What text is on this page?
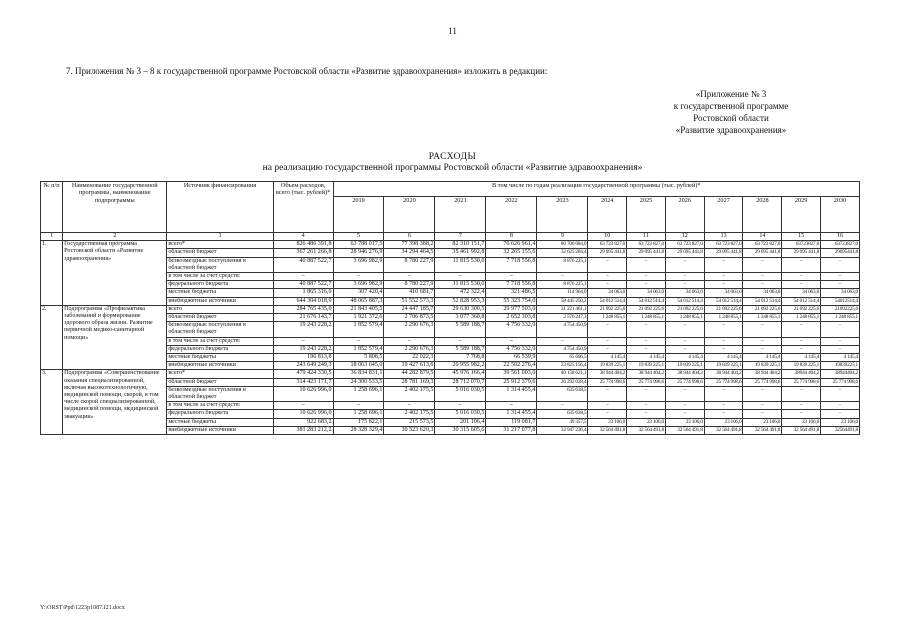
11
7. Приложения № 3 – 8 к государственной программе Ростовской области «Развитие здравоохранения» изложить в редакции:
«Приложение № 3
к государственной программе
Ростовской области
«Развитие здравоохранения»
РАСХОДЫ
на реализацию государственной программы Ростовской области «Развитие здравоохранения»
№ п/п	Наименование государственной программы, наименование подпрограммы	Источник финансирования	Объем расходов, всего (тыс. рублей)*	В том числе по годам реализации государственной программы (тыс. рублей)*											
				2019	2020	2021	2022	2023	2024	2025	2026	2027	2028	2029	2030
1	2	3	4	5	6	7	8	9	10	11	12	13	14	15	16
1.	Государственная программа Ростовской области «Развитие здравоохранения»	всего*	826 486 391,8	63 788 017,5	77 398 388,2	82 310 151,7	76 626 961,4	80 706 084,0	63 723 827,0	63 723 827,0	63 723 827,0	63 723 827,0	63 723 827,0	63723827,0	63723827,0
		областной бюджет	367 261 266,8	28 946 276,9	34 294 464,5	35 461 992,8	32 265 155,6	32 625 284,4	29 095 441,8	29 095 441,8	29 095 441,8	29 095 441,8	29 095 441,8	29 095 441,8	29095441,8
		безвозмездные поступления в областной бюджет	40 887 522,7	3 696 982,9	8 780 227,9	11 815 530,0	7 718 556,8	8 876 225,1	–	–	–	–	–	–	–
		в том числе за счет средств:	–	–	–	–	–	–	–	–	–	–	–	–	–
		федерального бюджета	40 887 522,7	3 696 982,9	8 780 227,9	11 815 530,0	7 718 556,8	8 876 225,1	–	–	–	–	–	–	–
		местные бюджеты	1 865 316,0	307 420,4	410 681,7	472 322,4	321 486,5	114 964,0	34 063,0	34 063,0	34 063,0	34 063,0	34 063,0	34 063,0	34 063,0
		внебюджетные источники	644 304 018,9	48 065 887,3	51 552 573,3	52 828 953,3	55 323 754,0	58 445 250,2	54 012 514,4	54 012 514,4	54 012 514,4	54 012 514,4	54 012 514,4	54 012 514,4	54012514,4
2.	Подпрограмма «Профилактика заболеваний и формирование здорового образа жизни. Развитие первичной медико-санитарной помощи»	всего	284 765 435,0	21 843 405,5	24 447 185,7	29 630 300,5	29 977 503,0	31 221 461,1	21 092 225,6	21 092 225,6	21 092 225,6	21 092 225,6	21 092 225,6	21 092 225,6	21092225,6
		областной бюджет	21 676 143,7	1 921 372,6	2 706 873,5	3 077 360,8	2 652 303,8	2 576 247,3	1 248 855,1	1 248 855,1	1 248 855,1	1 248 855,1	1 248 855,1	1 248 855,1	1 248 855,1
		безвозмездные поступления в областной бюджет	19 243 228,2	1 852 579,4	2 290 676,3	5 589 188,7	4 756 332,9	4 754 450,9	–	–	–	–	–	–	–
		в том числе за счет средств:	–	–	–	–	–	–	–	–	–	–	–	–	–
		федерального бюджета	19 243 228,2	1 852 579,4	2 290 676,3	5 589 188,7	4 756 332,9	4 754 450,9	–	–	–	–	–	–	–
		местные бюджеты	196 813,8	5 808,5	22 022,3	7 768,8	66 539,9	65 606,5	4 145,4	4 145,4	4 145,4	4 145,4	4 145,4	4 145,4	4 145,4
		внебюджетные источники	243 649 249,3	18 063 645,0	19 427 613,6	20 955 982,2	22 502 276,4	23 825 156,4	19 839 225,1	19 839 225,1	19 839 225,1	19 839 225,1	19 839 225,1	19 839 225,1	19839225,1
3.	Подпрограмма «Совершенствование оказания специализированной, включая высокотехнологичную, медицинской помощи, скорой, в том числе скорой специализированной, медицинской помощи, медицинской эвакуации»	всего*	479 424 330,5	36 834 831,1	44 282 879,5	45 976 166,4	39 561 003,0	40 158 621,1	38 944 404,2	38 944 404,2	38 944 404,2	38 944 404,2	38 944 404,2	38944 404,2	38944404,2
		областной бюджет	314 423 171,7	24 300 533,5	28 781 169,3	28 712 070,7	25 912 379,6	26 292 028,4	25 774 998,6	25 774 998,6	25 774 998,6	25 774 998,6	25 774 998,6	25 774 998,6	25 774 998,6
		безвозмездные поступления в областной бюджет	10 626 996,0	1 258 696,1	2 402 175,5	5 016 030,5	1 314 455,4	635 638,5	–	–	–	–	–	–	–
		в том числе за счет средств:	–	–	–	–	–	–	–	–	–	–	–	–	–
		федерального бюджета	10 626 996,0	1 258 696,1	2 402 175,5	5 016 030,5	1 314 455,4	635 638,5	–	–	–	–	–	–	–
		местные бюджеты	922 683,2	175 822,1	215 573,5	201 106,4	119 081,7	49 357,5	23 106,0	23 106,0	23 106,0	23 106,0	23 106,0	23 106,0	23 106,0
		внебюджетные источники	381 283 212,2	28 328 329,4	30 523 620,3	30 315 605,6	31 217 077,8	32 947 236,4	32 564 491,8	32 564 491,8	32 564 491,8	32 564 491,8	32 564 491,8	32 564 491,8	32564491,8
Y:\ORST\Ppd\1223p1087.f21.docx
